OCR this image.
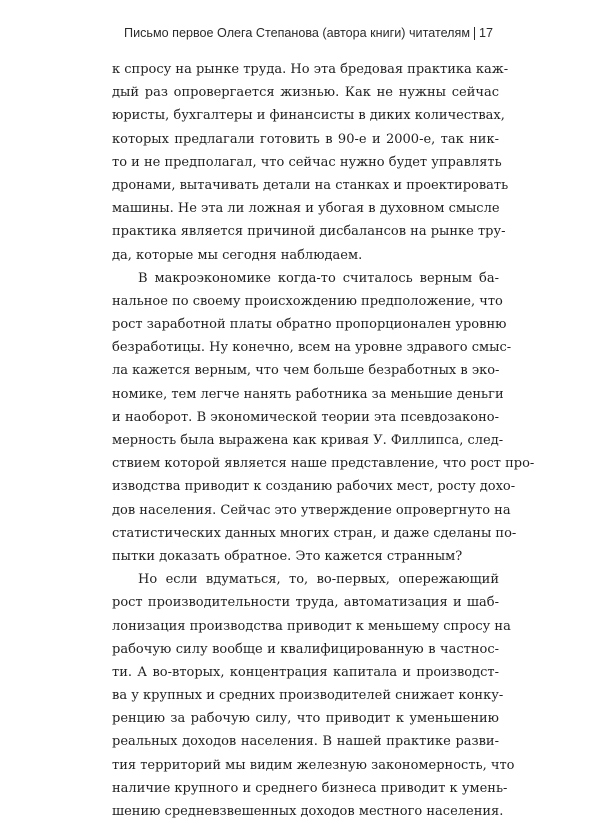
Письмо первое Олега Степанова (автора книги) читателям 17
к спросу на рынке труда. Но эта бредовая практика каж-
дый раз опровергается жизнью. Как не нужны сейчас
юристы, бухгалтеры и финансисты в диких количествах,
которых предлагали готовить в 90-е и 2000-е, так ник-
то и не предполагал, что сейчас нужно будет управлять
дронами, вытачивать детали на станках и проектировать
машины. Не эта ли ложная и убогая в духовном смысле
практика является причиной дисбалансов на рынке тру-
да, которые мы сегодня наблюдаем.
В макроэкономике когда-то считалось верным ба-
нальное по своему происхождению предположение, что
рост заработной платы обратно пропорционален уровню
безработицы. Ну конечно, всем на уровне здравого смыс-
ла кажется верным, что чем больше безработных в эко-
номике, тем легче нанять работника за меньшие деньги
и наоборот. В экономической теории эта псевдозаконо-
мерность была выражена как кривая У. Филлипса, след-
ствием которой является наше представление, что рост про-
изводства приводит к созданию рабочих мест, росту дохо-
дов населения. Сейчас это утверждение опровергнуто на
статистических данных многих стран, и даже сделаны по-
пытки доказать обратное. Это кажется странным?
Но если вдуматься, то, во-первых, опережающий
рост производительности труда, автоматизация и шаб-
лонизация производства приводит к меньшему спросу на
рабочую силу вообще и квалифицированную в частнос-
ти. А во-вторых, концентрация капитала и производст-
ва у крупных и средних производителей снижает конку-
ренцию за рабочую силу, что приводит к уменьшению
реальных доходов населения. В нашей практике разви-
тия территорий мы видим железную закономерность, что
наличие крупного и среднего бизнеса приводит к умень-
шению средневзвешенных доходов местного населения.
